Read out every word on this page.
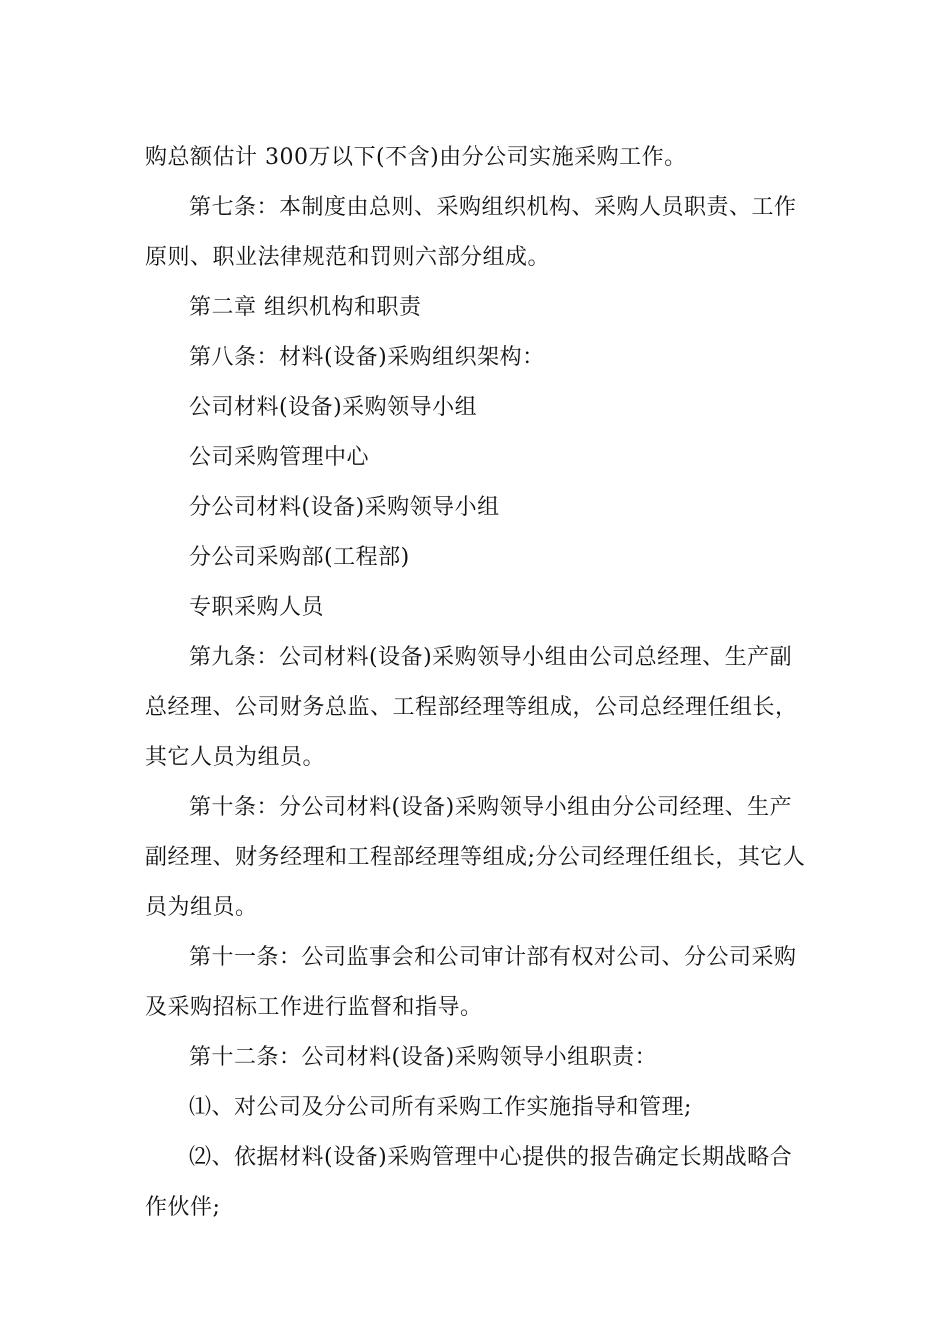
购总额估计 300万以下(不含)由分公司实施采购工作。

第七条：本制度由总则、采购组织机构、采购人员职责、工作原则、职业法律规范和罚则六部分组成。

第二章 组织机构和职责

第八条：材料(设备)采购组织架构：

公司材料(设备)采购领导小组

公司采购管理中心

分公司材料(设备)采购领导小组

分公司采购部(工程部)

专职采购人员

第九条：公司材料(设备)采购领导小组由公司总经理、生产副总经理、公司财务总监、工程部经理等组成，公司总经理任组长，其它人员为组员。

第十条：分公司材料(设备)采购领导小组由分公司经理、生产副经理、财务经理和工程部经理等组成;分公司经理任组长，其它人员为组员。

第十一条：公司监事会和公司审计部有权对公司、分公司采购及采购招标工作进行监督和指导。

第十二条：公司材料(设备)采购领导小组职责：

⑴、对公司及分公司所有采购工作实施指导和管理;

⑵、依据材料(设备)采购管理中心提供的报告确定长期战略合作伙伴;
